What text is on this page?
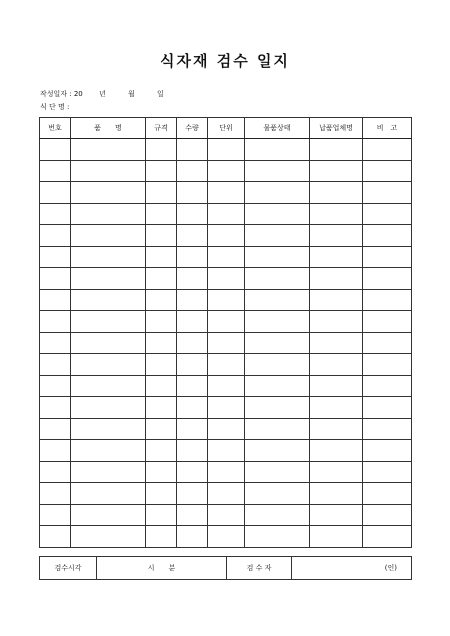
식자재 검수 일지
작성일자 : 20 년	월	일
식 단 명 :
번호	품　　명	규격	수량	단위	물품상태	납품업체명	비　고

검수시각	시　　분	검 수 자	(인)
